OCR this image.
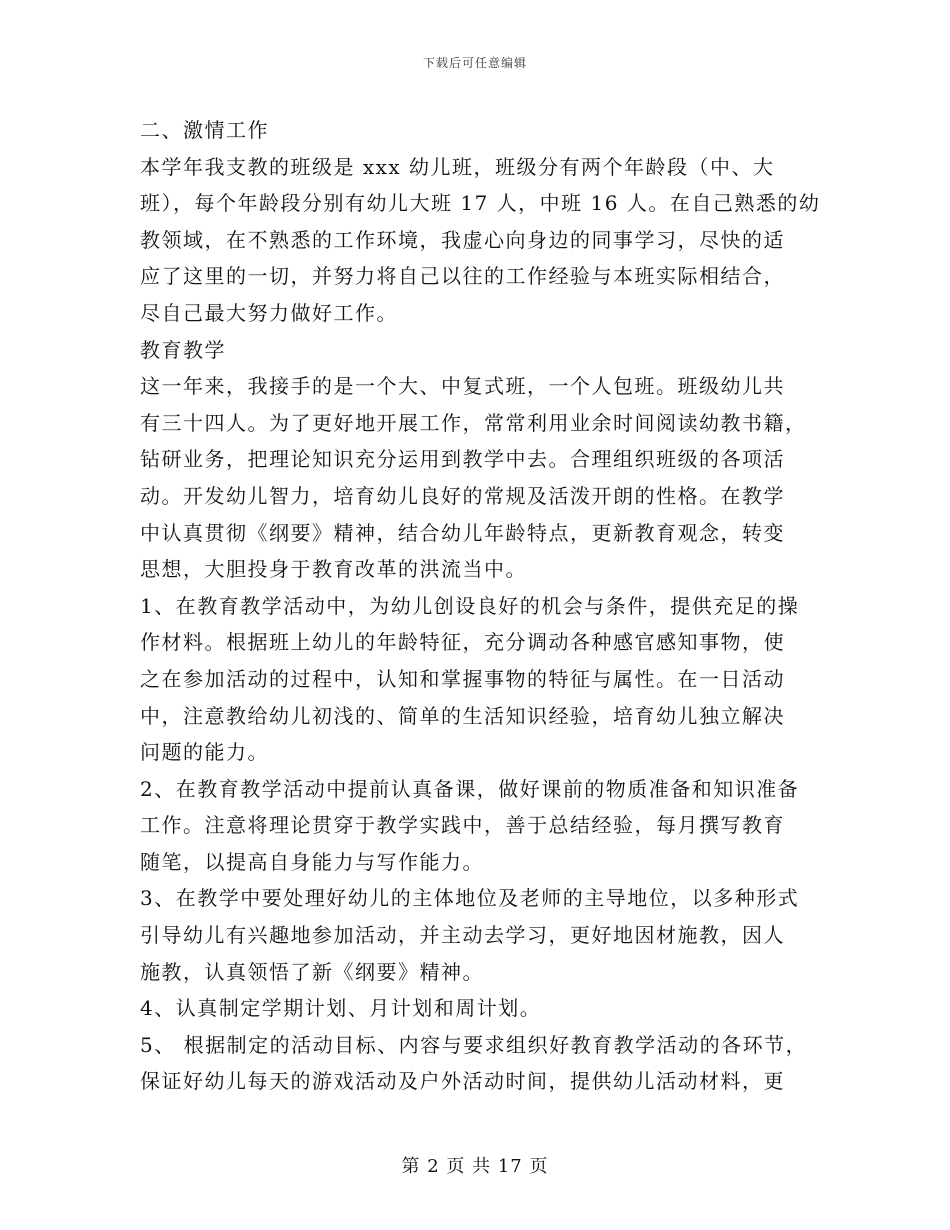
下载后可任意编辑
二、激情工作
本学年我支教的班级是 xxx 幼儿班，班级分有两个年龄段（中、大
班），每个年龄段分别有幼儿大班 17 人，中班 16 人。在自己熟悉的幼
教领域，在不熟悉的工作环境，我虚心向身边的同事学习，尽快的适
应了这里的一切，并努力将自己以往的工作经验与本班实际相结合，
尽自己最大努力做好工作。
教育教学
这一年来，我接手的是一个大、中复式班，一个人包班。班级幼儿共
有三十四人。为了更好地开展工作，常常利用业余时间阅读幼教书籍，
钻研业务，把理论知识充分运用到教学中去。合理组织班级的各项活
动。开发幼儿智力，培育幼儿良好的常规及活泼开朗的性格。在教学
中认真贯彻《纲要》精神，结合幼儿年龄特点，更新教育观念，转变
思想，大胆投身于教育改革的洪流当中。
1、在教育教学活动中，为幼儿创设良好的机会与条件，提供充足的操
作材料。根据班上幼儿的年龄特征，充分调动各种感官感知事物，使
之在参加活动的过程中，认知和掌握事物的特征与属性。在一日活动
中，注意教给幼儿初浅的、简单的生活知识经验，培育幼儿独立解决
问题的能力。
2、在教育教学活动中提前认真备课，做好课前的物质准备和知识准备
工作。注意将理论贯穿于教学实践中，善于总结经验，每月撰写教育
随笔，以提高自身能力与写作能力。
3、在教学中要处理好幼儿的主体地位及老师的主导地位，以多种形式
引导幼儿有兴趣地参加活动，并主动去学习，更好地因材施教，因人
施教，认真领悟了新《纲要》精神。
4、认真制定学期计划、月计划和周计划。
5、 根据制定的活动目标、内容与要求组织好教育教学活动的各环节，
保证好幼儿每天的游戏活动及户外活动时间，提供幼儿活动材料，更
第 2 页 共 17 页
